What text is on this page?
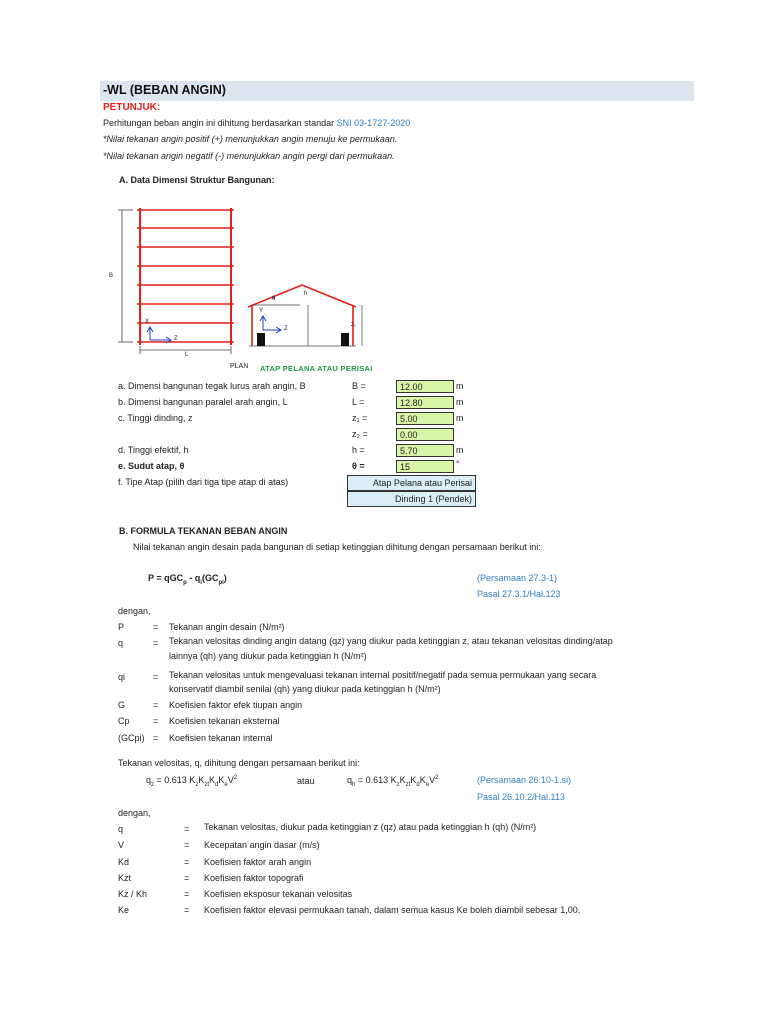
-WL (BEBAN ANGIN)
PETUNJUK:
Perhitungan beban angin ini dihitung berdasarkan standar SNI 03-1727-2020
*Nilai tekanan angin positif (+) menunjukkan angin menuju ke permukaan.
*Nilai tekanan angin negatif (-) menunjukkan angin pergi dari permukaan.
A. Data Dimensi Struktur Bangunan:
B
L
X
Z
Y
Z
θ
h
z₁
PLAN ATAP PELANA ATAU PERISAI
a. Dimensi bangunan tegak lurus arah angin, B	B =	12.00	m
b. Dimensi bangunan paralel arah angin, L	L =	12.80	m
c. Tinggi dinding, z	z₁ =	5.00	m
z₂ =	0.00
d. Tinggi efektif, h	h =	5.70	m
e. Sudut atap, θ	θ =	15	°
f. Tipe Atap (pilih dari tiga tipe atap di atas)	Atap Pelana atau Perisai
Dinding 1 (Pendek)
B. FORMULA TEKANAN BEBAN ANGIN
Nilai tekanan angin desain pada bangunan di setiap ketinggian dihitung dengan persamaan berikut ini:
$P = qGC_p - q_i(GC_{pi})$	(Persamaan 27.3-1)
Pasal 27.3.1/Hal.123
dengan,
P	= Tekanan angin desain (N/m²)
q	= Tekanan velositas dinding angin datang (qz) yang diukur pada ketinggian z, atau tekanan velositas dinding/atap
lainnya (qh) yang diukur pada ketinggian h (N/m²)
qi	= Tekanan velositas untuk mengevaluasi tekanan internal positif/negatif pada semua permukaan yang secara
konservatif diambil senilai (qh) yang diukur pada ketinggian h (N/m²)
G	= Koefisien faktor efek tiupan angin
Cp	= Koefisien tekanan eksternal
(GCpi) = Koefisien tekanan internal
Tekanan velositas, q, dihitung dengan persamaan berikut ini:
$q_z = 0.613$ $K_zK_{zt}K_dK_eV^2$	atau	$q_h = 0.613$ $K_zK_{zt}K_dK_eV^2$	(Persamaan 26.10-1.si)
Pasal 26.10.2/Hal.113
dengan,
q	= Tekanan velositas, diukur pada ketinggian z (qz) atau pada ketinggian h (qh) (N/m²)
V	= Kecepatan angin dasar (m/s)
Kd	= Koefisien faktor arah angin
Kzt	= Koefisien faktor topografi
Kz / Kh	= Koefisien eksposur tekanan velositas
Ke	= Koefisien faktor elevasi permukaan tanah, dalam semua kasus Ke boleh diambil sebesar 1,00.
